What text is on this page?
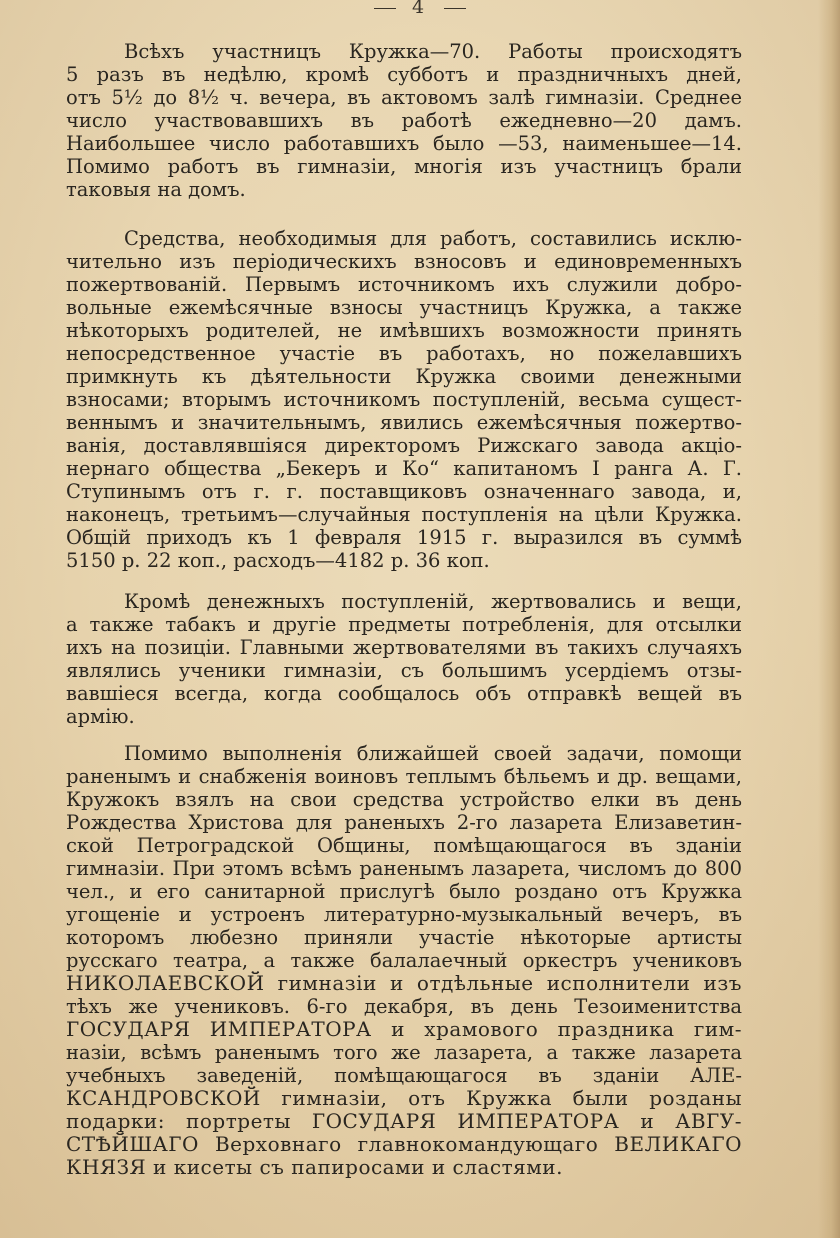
4
Всѣхъ участницъ Кружка—70. Работы происходятъ
5 разъ въ недѣлю, кромѣ субботъ и праздничныхъ дней,
отъ 5½ до 8½ ч. вечера, въ актовомъ залѣ гимназіи. Среднее
число участвовавшихъ въ работѣ ежедневно—20 дамъ.
Наибольшее число работавшихъ было —53, наименьшее—14.
Помимо работъ въ гимназіи, многія изъ участницъ брали
таковыя на домъ.
Средства, необходимыя для работъ, составились исклю-
чительно изъ періодическихъ взносовъ и единовременныхъ
пожертвованій. Первымъ источникомъ ихъ служили добро-
вольные ежемѣсячные взносы участницъ Кружка, а также
нѣкоторыхъ родителей, не имѣвшихъ возможности принять
непосредственное участіе въ работахъ, но пожелавшихъ
примкнуть къ дѣятельности Кружка своими денежными
взносами; вторымъ источникомъ поступленій, весьма сущест-
веннымъ и значительнымъ, явились ежемѣсячныя пожертво-
ванія, доставлявшіяся директоромъ Рижскаго завода акціо-
нернаго общества „Бекеръ и Ко“ капитаномъ I ранга А. Г.
Ступинымъ отъ г. г. поставщиковъ означеннаго завода, и,
наконецъ, третьимъ—случайныя поступленія на цѣли Кружка.
Общій приходъ къ 1 февраля 1915 г. выразился въ суммѣ
5150 р. 22 коп., расходъ—4182 р. 36 коп.
Кромѣ денежныхъ поступленій, жертвовались и вещи,
а также табакъ и другіе предметы потребленія, для отсылки
ихъ на позиціи. Главными жертвователями въ такихъ случаяхъ
являлись ученики гимназіи, съ большимъ усердіемъ отзы-
вавшіеся всегда, когда сообщалось объ отправкѣ вещей въ
армію.
Помимо выполненія ближайшей своей задачи, помощи
раненымъ и снабженія воиновъ теплымъ бѣльемъ и др. вещами,
Кружокъ взялъ на свои средства устройство елки въ день
Рождества Христова для раненыхъ 2-го лазарета Елизаветин-
ской Петроградской Общины, помѣщающагося въ зданіи
гимназіи. При этомъ всѣмъ раненымъ лазарета, числомъ до 800
чел., и его санитарной прислугѣ было роздано отъ Кружка
угощеніе и устроенъ литературно-музыкальный вечеръ, въ
которомъ любезно приняли участіе нѣкоторые артисты
русскаго театра, а также балалаечный оркестръ учениковъ
НИКОЛАЕВСКОЙ гимназіи и отдѣльные исполнители изъ
тѣхъ же учениковъ. 6-го декабря, въ день Тезоименитства
ГОСУДАРЯ ИМПЕРАТОРА и храмового праздника гим-
назіи, всѣмъ раненымъ того же лазарета, а также лазарета
учебныхъ заведеній, помѣщающагося въ зданіи АЛЕ-
КСАНДРОВСКОЙ гимназіи, отъ Кружка были розданы
подарки: портреты ГОСУДАРЯ ИМПЕРАТОРА и АВГУ-
СТѢЙШАГО Верховнаго главнокомандующаго ВЕЛИКАГО
КНЯЗЯ и кисеты съ папиросами и сластями.
